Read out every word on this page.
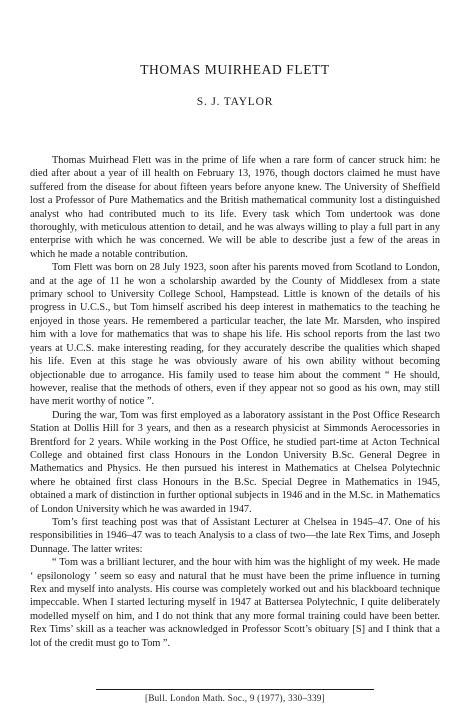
THOMAS MUIRHEAD FLETT
S. J. TAYLOR

Thomas Muirhead Flett was in the prime of life when a rare form of cancer struck him: he died after about a year of ill health on February 13, 1976, though doctors claimed he must have suffered from the disease for about fifteen years before anyone knew. The University of Sheffield lost a Professor of Pure Mathematics and the British mathematical community lost a distinguished analyst who had contributed much to its life. Every task which Tom undertook was done thoroughly, with meticulous attention to detail, and he was always willing to play a full part in any enterprise with which he was concerned. We will be able to describe just a few of the areas in which he made a notable contribution.

Tom Flett was born on 28 July 1923, soon after his parents moved from Scotland to London, and at the age of 11 he won a scholarship awarded by the County of Middlesex from a state primary school to University College School, Hampstead. Little is known of the details of his progress in U.C.S., but Tom himself ascribed his deep interest in mathematics to the teaching he enjoyed in those years. He remembered a particular teacher, the late Mr. Marsden, who inspired him with a love for mathematics that was to shape his life. His school reports from the last two years at U.C.S. make interesting reading, for they accurately describe the qualities which shaped his life. Even at this stage he was obviously aware of his own ability without becoming objectionable due to arrogance. His family used to tease him about the comment “ He should, however, realise that the methods of others, even if they appear not so good as his own, may still have merit worthy of notice ”.

During the war, Tom was first employed as a laboratory assistant in the Post Office Research Station at Dollis Hill for 3 years, and then as a research physicist at Simmonds Aerocessories in Brentford for 2 years. While working in the Post Office, he studied part-time at Acton Technical College and obtained first class Honours in the London University B.Sc. General Degree in Mathematics and Physics. He then pursued his interest in Mathematics at Chelsea Polytechnic where he obtained first class Honours in the B.Sc. Special Degree in Mathematics in 1945, obtained a mark of distinction in further optional subjects in 1946 and in the M.Sc. in Mathematics of London University which he was awarded in 1947.

Tom’s first teaching post was that of Assistant Lecturer at Chelsea in 1945–47. One of his responsibilities in 1946–47 was to teach Analysis to a class of two—the late Rex Tims, and Joseph Dunnage. The latter writes:

“ Tom was a brilliant lecturer, and the hour with him was the highlight of my week. He made ‘ epsilonology ’ seem so easy and natural that he must have been the prime influence in turning Rex and myself into analysts. His course was completely worked out and his blackboard technique impeccable. When I started lecturing myself in 1947 at Battersea Polytechnic, I quite deliberately modelled myself on him, and I do not think that any more formal training could have been better. Rex Tims’ skill as a teacher was acknowledged in Professor Scott’s obituary [S] and I think that a lot of the credit must go to Tom ”.

[Bull. London Math. Soc., 9 (1977), 330–339]
